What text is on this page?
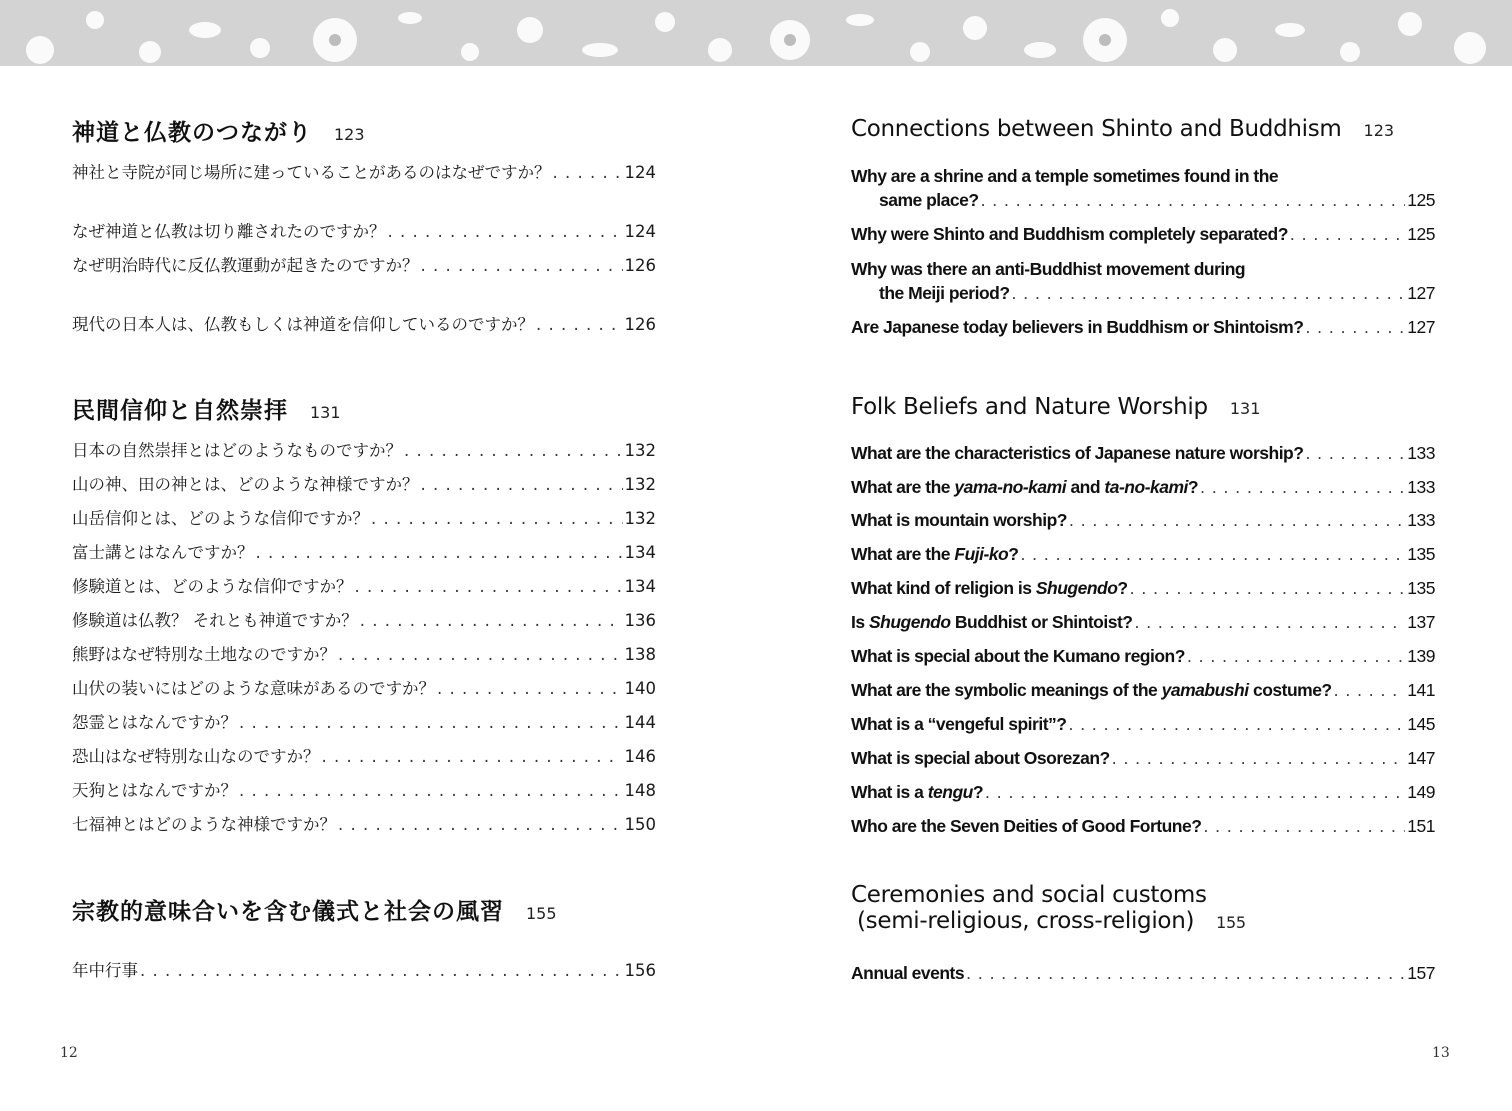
神道と仏教のつながり 123
神社と寺院が同じ場所に建っていることがあるのはなぜですか？ . . .	124
なぜ神道と仏教は切り離されたのですか？ . . .	124
なぜ明治時代に反仏教運動が起きたのですか？ . . .	126
現代の日本人は、仏教もしくは神道を信仰しているのですか？ . . .	126
民間信仰と自然崇拝 131
日本の自然崇拝とはどのようなものですか？ . . .	132
山の神、田の神とは、どのような神様ですか？ . . .	132
山岳信仰とは、どのような信仰ですか？ . . .	132
富士講とはなんですか？ . . .	134
修験道とは、どのような信仰ですか？ . . .	134
修験道は仏教？ それとも神道ですか？ . . .	136
熊野はなぜ特別な土地なのですか？ . . .	138
山伏の装いにはどのような意味があるのですか？ . . .	140
怨霊とはなんですか？ . . .	144
恐山はなぜ特別な山なのですか？ . . .	146
天狗とはなんですか？ . . .	148
七福神とはどのような神様ですか？ . . .	150
宗教的意味合いを含む儀式と社会の風習 155
年中行事 . . .	156
12
Connections between Shinto and Buddhism 123
Why are a shrine and a temple sometimes found in the
same place? . . .	125
Why were Shinto and Buddhism completely separated? . . .	125
Why was there an anti-Buddhist movement during
the Meiji period? . . .	127
Are Japanese today believers in Buddhism or Shintoism? . . .	127
Folk Beliefs and Nature Worship 131
What are the characteristics of Japanese nature worship? . . .	133
What are the yama-no-kami and ta-no-kami? . . .	133
What is mountain worship? . . .	133
What are the Fuji-ko? . . .	135
What kind of religion is Shugendo? . . .	135
Is Shugendo Buddhist or Shintoist? . . .	137
What is special about the Kumano region? . . .	139
What are the symbolic meanings of the yamabushi costume? . . .	141
What is a “vengeful spirit”? . . .	145
What is special about Osorezan? . . .	147
What is a tengu? . . .	149
Who are the Seven Deities of Good Fortune? . . .	151
Ceremonies and social customs
(semi-religious, cross-religion) 155
Annual events . . .	157
13
